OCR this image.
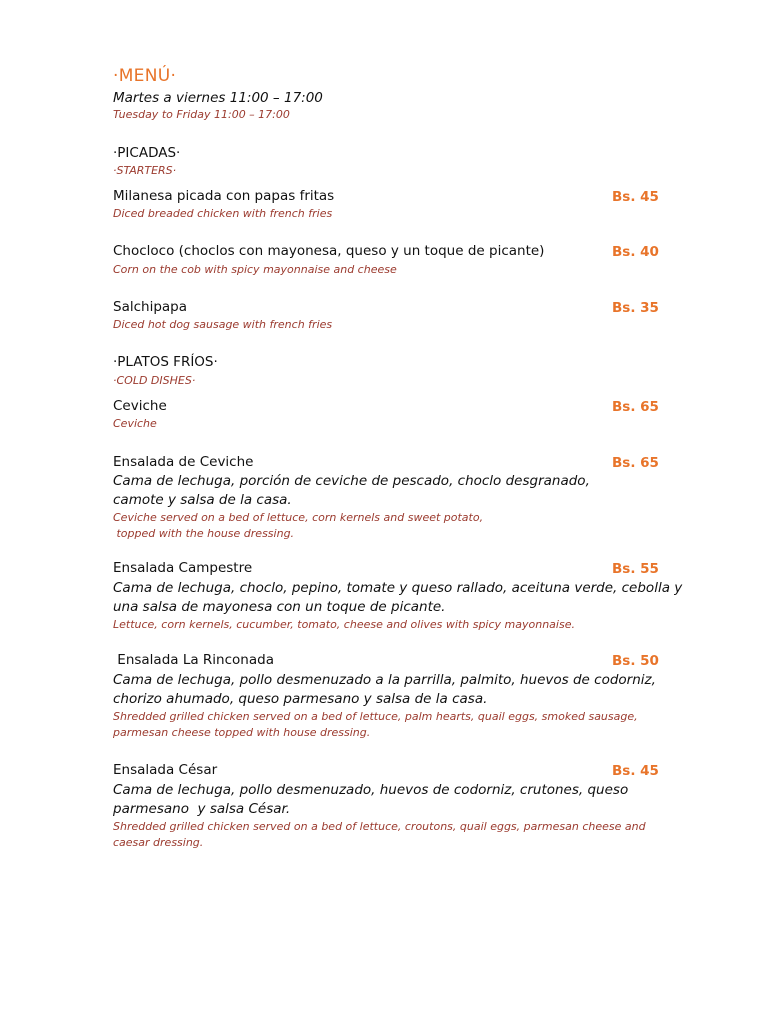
·MENÚ·
Martes a viernes 11:00 – 17:00
Tuesday to Friday 11:00 – 17:00
·PICADAS·
·STARTERS·
Milanesa picada con papas fritas
Diced breaded chicken with french fries
Bs. 45
Chocloco (choclos con mayonesa, queso y un toque de picante)
Corn on the cob with spicy mayonnaise and cheese
Bs. 40
Salchipapa
Diced hot dog sausage with french fries
Bs. 35
·PLATOS FRÍOS·
·COLD DISHES·
Ceviche
Ceviche
Bs. 65
Ensalada de Ceviche	Bs. 65
Cama de lechuga, porción de ceviche de pescado, choclo desgranado,
camote y salsa de la casa.
Ceviche served on a bed of lettuce, corn kernels and sweet potato,
topped with the house dressing.
Ensalada Campestre	Bs. 55
Cama de lechuga, choclo, pepino, tomate y queso rallado, aceituna verde, cebolla y
una salsa de mayonesa con un toque de picante.
Lettuce, corn kernels, cucumber, tomato, cheese and olives with spicy mayonnaise.
Ensalada La Rinconada	Bs. 50
Cama de lechuga, pollo desmenuzado a la parrilla, palmito, huevos de codorniz,
chorizo ahumado, queso parmesano y salsa de la casa.
Shredded grilled chicken served on a bed of lettuce, palm hearts, quail eggs, smoked sausage,
parmesan cheese topped with house dressing.
Ensalada César	Bs. 45
Cama de lechuga, pollo desmenuzado, huevos de codorniz, crutones, queso
parmesano  y salsa César.
Shredded grilled chicken served on a bed of lettuce, croutons, quail eggs, parmesan cheese and
caesar dressing.
